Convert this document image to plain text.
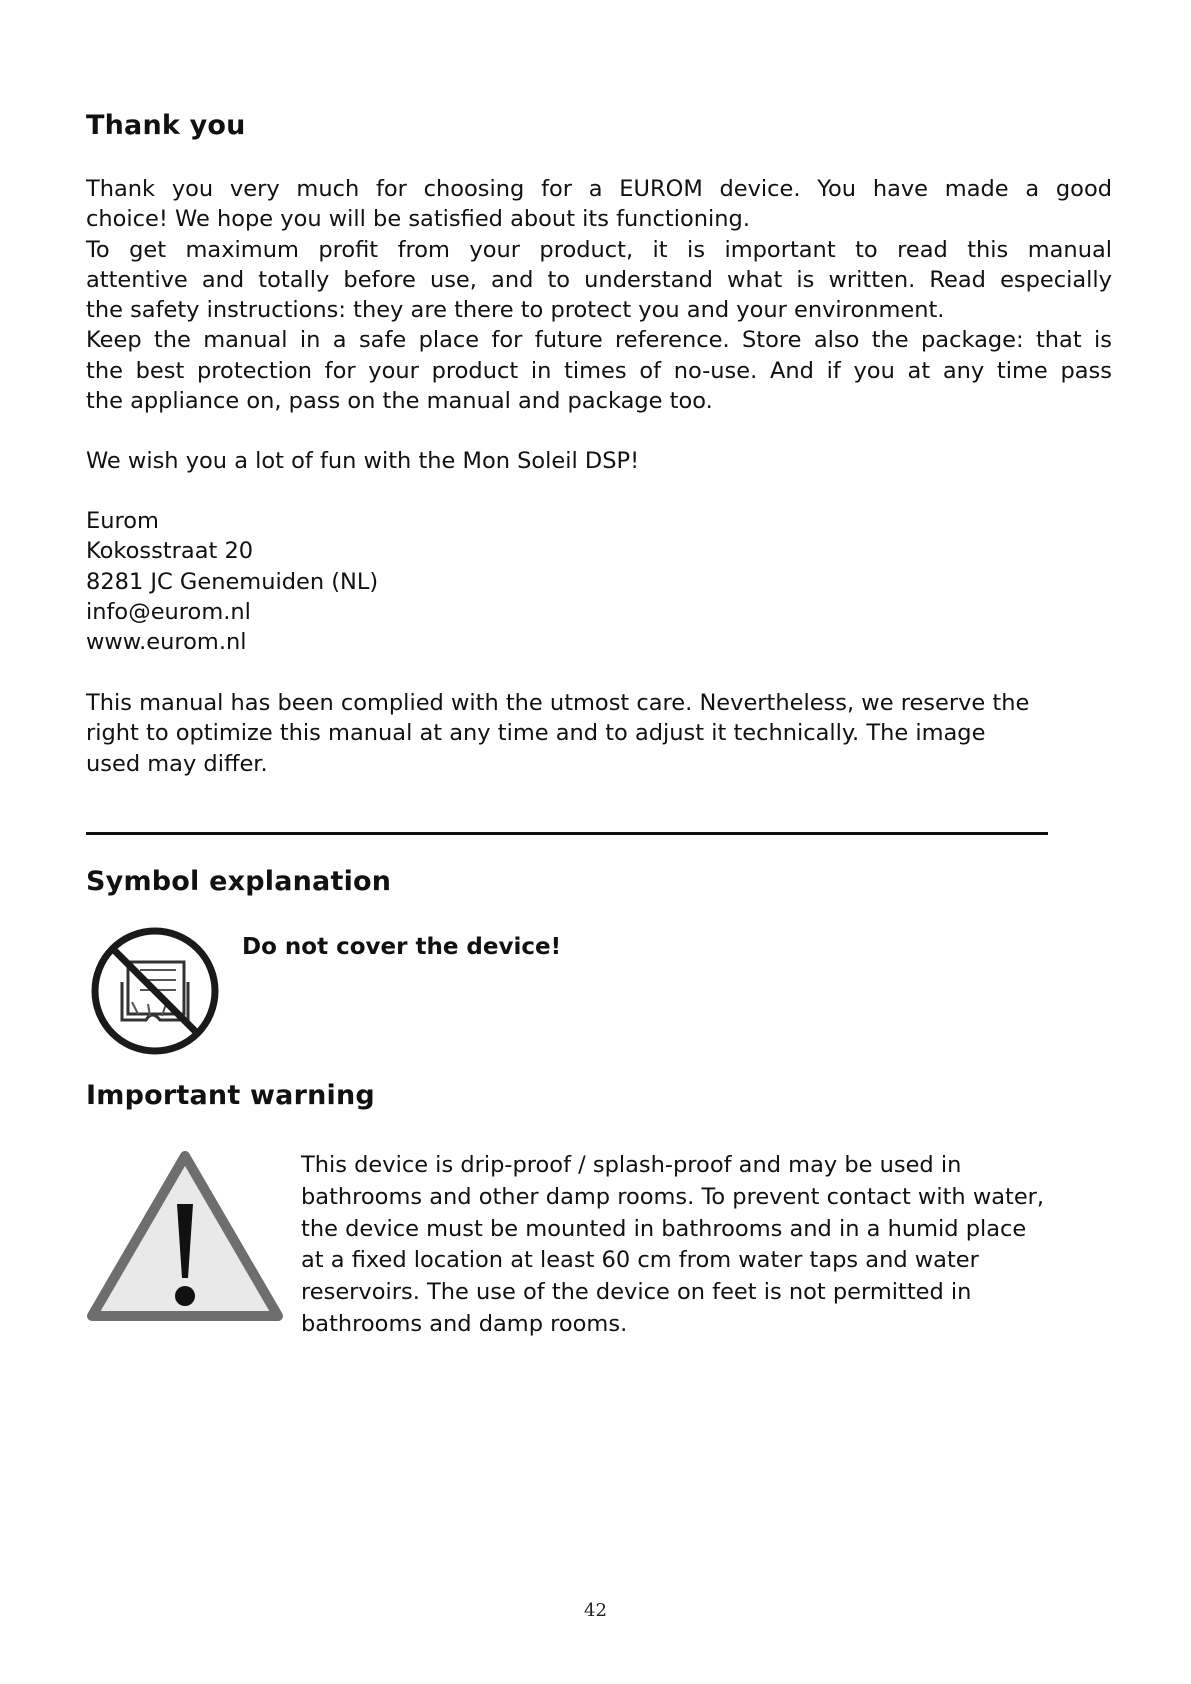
Thank you
Thank you very much for choosing for a EUROM device. You have made a good
choice! We hope you will be satisfied about its functioning.
To get maximum profit from your product, it is important to read this manual
attentive and totally before use, and to understand what is written. Read especially
the safety instructions: they are there to protect you and your environment.
Keep the manual in a safe place for future reference. Store also the package: that is
the best protection for your product in times of no-use. And if you at any time pass
the appliance on, pass on the manual and package too.

We wish you a lot of fun with the Mon Soleil DSP!

Eurom

Kokosstraat 20

8281 JC Genemuiden (NL)

info@eurom.nl

www.eurom.nl

This manual has been complied with the utmost care. Nevertheless, we reserve the
right to optimize this manual at any time and to adjust it technically. The image
used may differ.
Symbol explanation

Do not cover the device!

Important warning
This device is drip-proof / splash-proof and may be used in
bathrooms and other damp rooms. To prevent contact with water,
the device must be mounted in bathrooms and in a humid place
at a fixed location at least 60 cm from water taps and water
reservoirs. The use of the device on feet is not permitted in
bathrooms and damp rooms.
42
